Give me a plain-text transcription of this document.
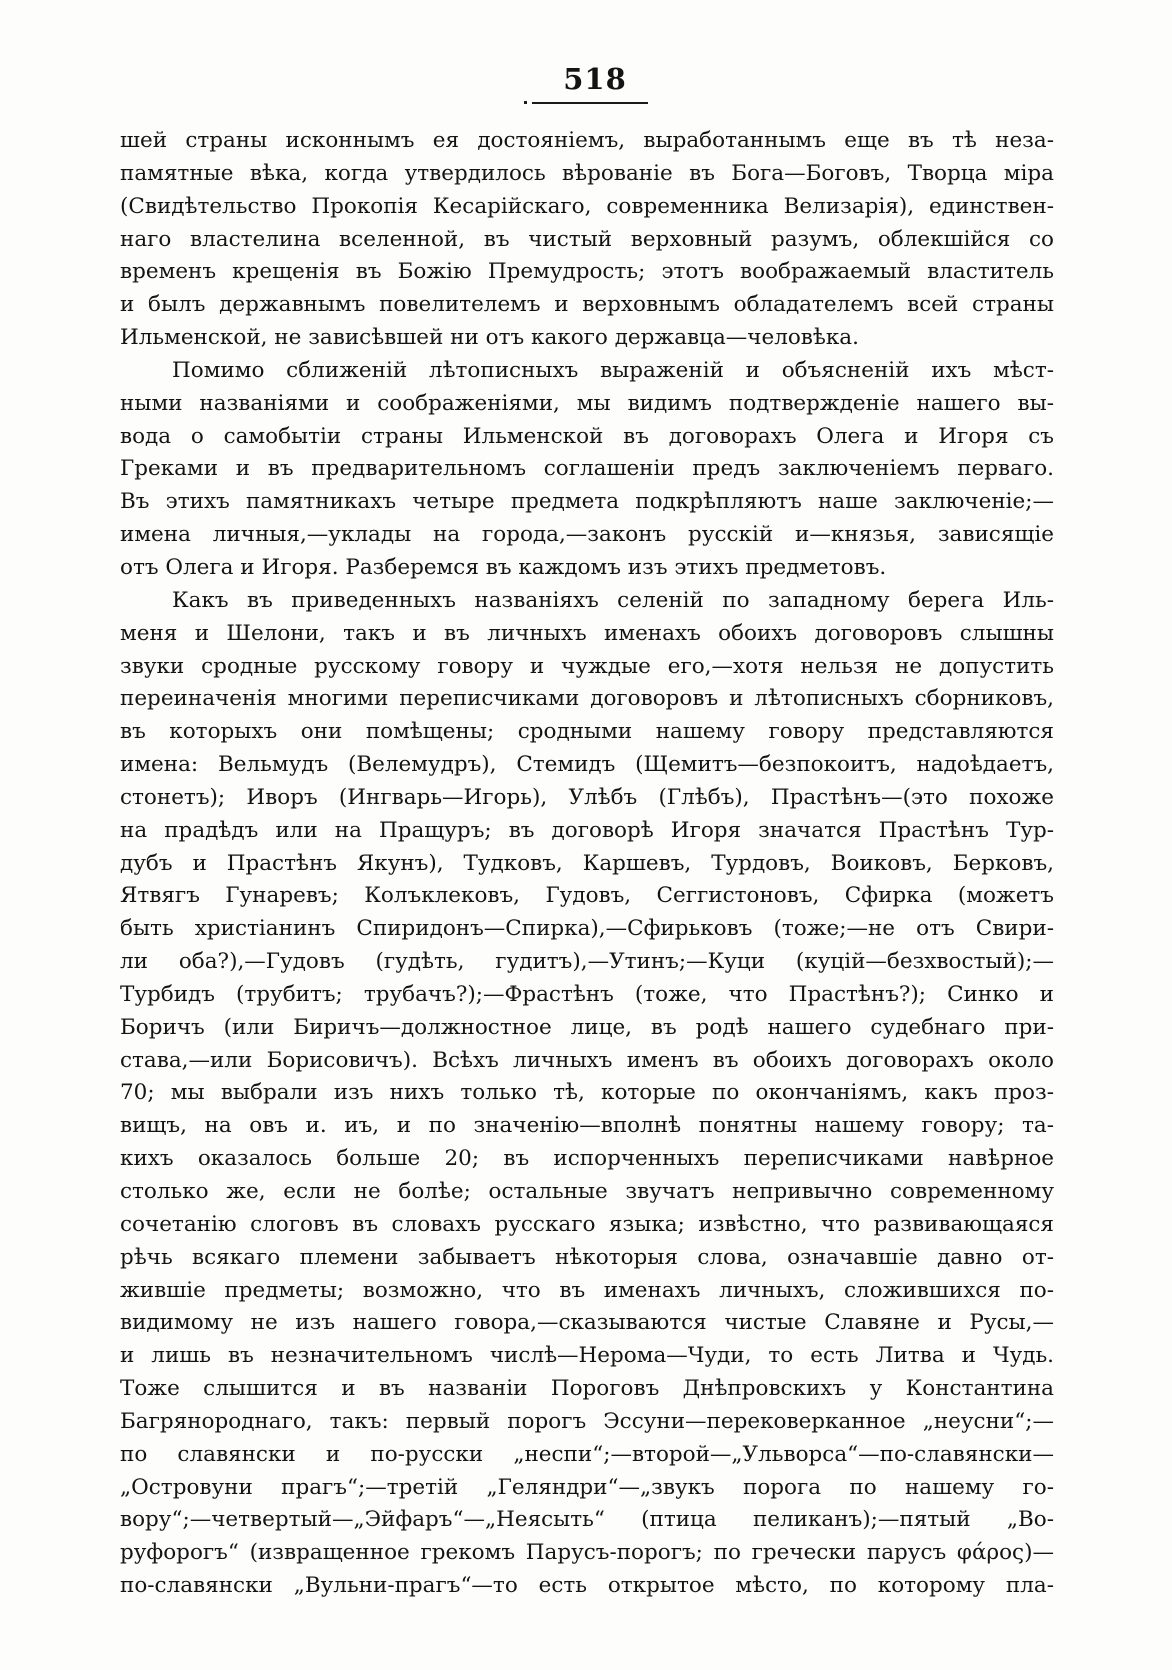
518
шей страны исконнымъ ея достояніемъ, выработаннымъ еще въ тѣ неза-
памятные вѣка, когда утвердилось вѣрованіе въ Бога—Боговъ, Творца міра
(Свидѣтельство Прокопія Кесарійскаго, современника Велизарія), единствен-
наго властелина вселенной, въ чистый верховный разумъ, облекшійся со
временъ крещенія въ Божію Премудрость; этотъ воображаемый властитель
и былъ державнымъ повелителемъ и верховнымъ обладателемъ всей страны
Ильменской, не зависѣвшей ни отъ какого державца—человѣка.
Помимо сближеній лѣтописныхъ выраженій и объясненій ихъ мѣст-
ными названіями и соображеніями, мы видимъ подтвержденіе нашего вы-
вода о самобытіи страны Ильменской въ договорахъ Олега и Игоря съ
Греками и въ предварительномъ соглашеніи предъ заключеніемъ перваго.
Въ этихъ памятникахъ четыре предмета подкрѣпляютъ наше заключеніе;—
имена личныя,—уклады на города,—законъ русскій и—князья, зависящіе
отъ Олега и Игоря. Разберемся въ каждомъ изъ этихъ предметовъ.
Какъ въ приведенныхъ названіяхъ селеній по западному берега Иль-
меня и Шелони, такъ и въ личныхъ именахъ обоихъ договоровъ слышны
звуки сродные русскому говору и чуждые его,—хотя нельзя не допустить
переиначенія многими переписчиками договоровъ и лѣтописныхъ сборниковъ,
въ которыхъ они помѣщены; сродными нашему говору представляются
имена: Вельмудъ (Велемудръ), Стемидъ (Щемитъ—безпокоитъ, надоѣдаетъ,
стонетъ); Иворъ (Ингварь—Игорь), Улѣбъ (Глѣбъ), Прастѣнъ—(это похоже
на прадѣдъ или на Пращуръ; въ договорѣ Игоря значатся Прастѣнъ Тур-
дубъ и Прастѣнъ Якунъ), Тудковъ, Каршевъ, Турдовъ, Воиковъ, Берковъ,
Ятвягъ Гунаревъ; Колъклековъ, Гудовъ, Сеггистоновъ, Сфирка (можетъ
быть христіанинъ Спиридонъ—Спирка),—Сфирьковъ (тоже;—не отъ Свири-
ли оба?),—Гудовъ (гудѣть, гудитъ),—Утинъ;—Куци (куцій—безхвостый);—
Турбидъ (трубитъ; трубачъ?);—Фрастѣнъ (тоже, что Прастѣнъ?); Синко и
Боричъ (или Биричъ—должностное лице, въ родѣ нашего судебнаго при-
става,—или Борисовичъ). Всѣхъ личныхъ именъ въ обоихъ договорахъ около
70; мы выбрали изъ нихъ только тѣ, которые по окончаніямъ, какъ проз-
вищъ, на овъ и. иъ, и по значенію—вполнѣ понятны нашему говору; та-
кихъ оказалось больше 20; въ испорченныхъ переписчиками навѣрное
столько же, если не болѣе; остальные звучатъ непривычно современному
сочетанію слоговъ въ словахъ русскаго языка; извѣстно, что развивающаяся
рѣчь всякаго племени забываетъ нѣкоторыя слова, означавшіе давно от-
жившіе предметы; возможно, что въ именахъ личныхъ, сложившихся по-
видимому не изъ нашего говора,—сказываются чистые Славяне и Русы,—
и лишь въ незначительномъ числѣ—Нерома—Чуди, то есть Литва и Чудь.
Тоже слышится и въ названіи Пороговъ Днѣпровскихъ у Константина
Багрянороднаго, такъ: первый порогъ Эссуни—перековерканное „неусни“;—
по славянски и по-русски „неспи“;—второй—„Ульворса“—по-славянски—
„Островуни прагъ“;—третій „Геляндри“—„звукъ порога по нашему го-
вору“;—четвертый—„Эйфаръ“—„Неясыть“ (птица пеликанъ);—пятый „Во-
руфорогъ“ (извращенное грекомъ Парусъ-порогъ; по гречески парусъ φάρος)—
по-славянски „Вульни-прагъ“—то есть открытое мѣсто, по которому пла-
